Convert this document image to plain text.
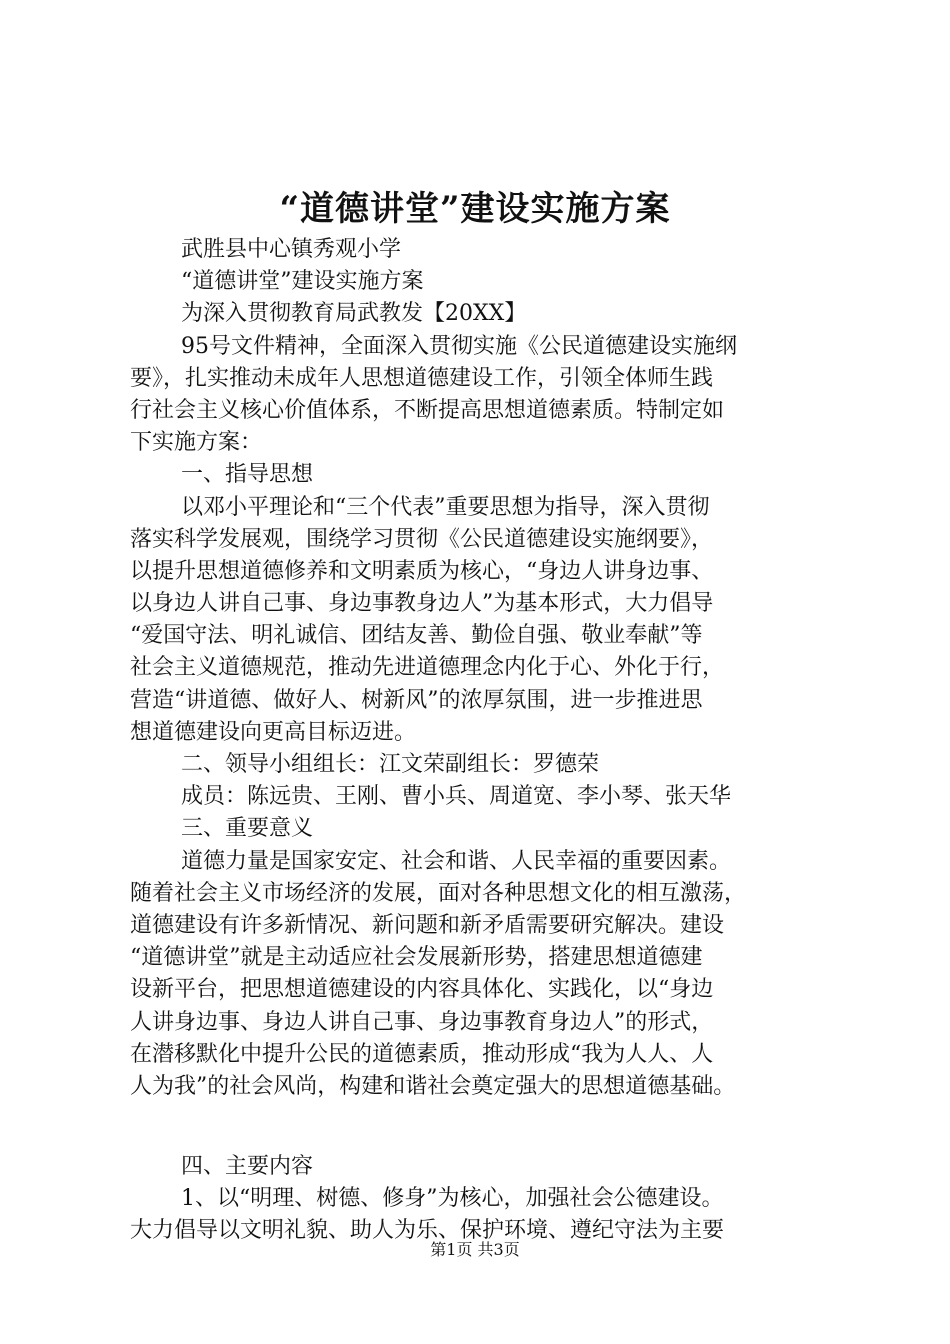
“道德讲堂”建设实施方案
武胜县中心镇秀观小学
“道德讲堂”建设实施方案
为深入贯彻教育局武教发【20XX】
95号文件精神，全面深入贯彻实施《公民道德建设实施纲
要》，扎实推动未成年人思想道德建设工作，引领全体师生践
行社会主义核心价值体系，不断提高思想道德素质。特制定如
下实施方案：
一、指导思想
以邓小平理论和“三个代表”重要思想为指导，深入贯彻
落实科学发展观，围绕学习贯彻《公民道德建设实施纲要》，
以提升思想道德修养和文明素质为核心，“身边人讲身边事、
以身边人讲自己事、身边事教身边人”为基本形式，大力倡导
“爱国守法、明礼诚信、团结友善、勤俭自强、敬业奉献”等
社会主义道德规范，推动先进道德理念内化于心、外化于行，
营造“讲道德、做好人、树新风”的浓厚氛围，进一步推进思
想道德建设向更高目标迈进。
二、领导小组组长：江文荣副组长：罗德荣
成员：陈远贵、王刚、曹小兵、周道宽、李小琴、张天华
三、重要意义
道德力量是国家安定、社会和谐、人民幸福的重要因素。
随着社会主义市场经济的发展，面对各种思想文化的相互激荡，
道德建设有许多新情况、新问题和新矛盾需要研究解决。建设
“道德讲堂”就是主动适应社会发展新形势，搭建思想道德建
设新平台，把思想道德建设的内容具体化、实践化，以“身边
人讲身边事、身边人讲自己事、身边事教育身边人”的形式，
在潜移默化中提升公民的道德素质，推动形成“我为人人、人
人为我”的社会风尚，构建和谐社会奠定强大的思想道德基础。
四、主要内容
1、以“明理、树德、修身”为核心，加强社会公德建设。
大力倡导以文明礼貌、助人为乐、保护环境、遵纪守法为主要
第1页 共3页
